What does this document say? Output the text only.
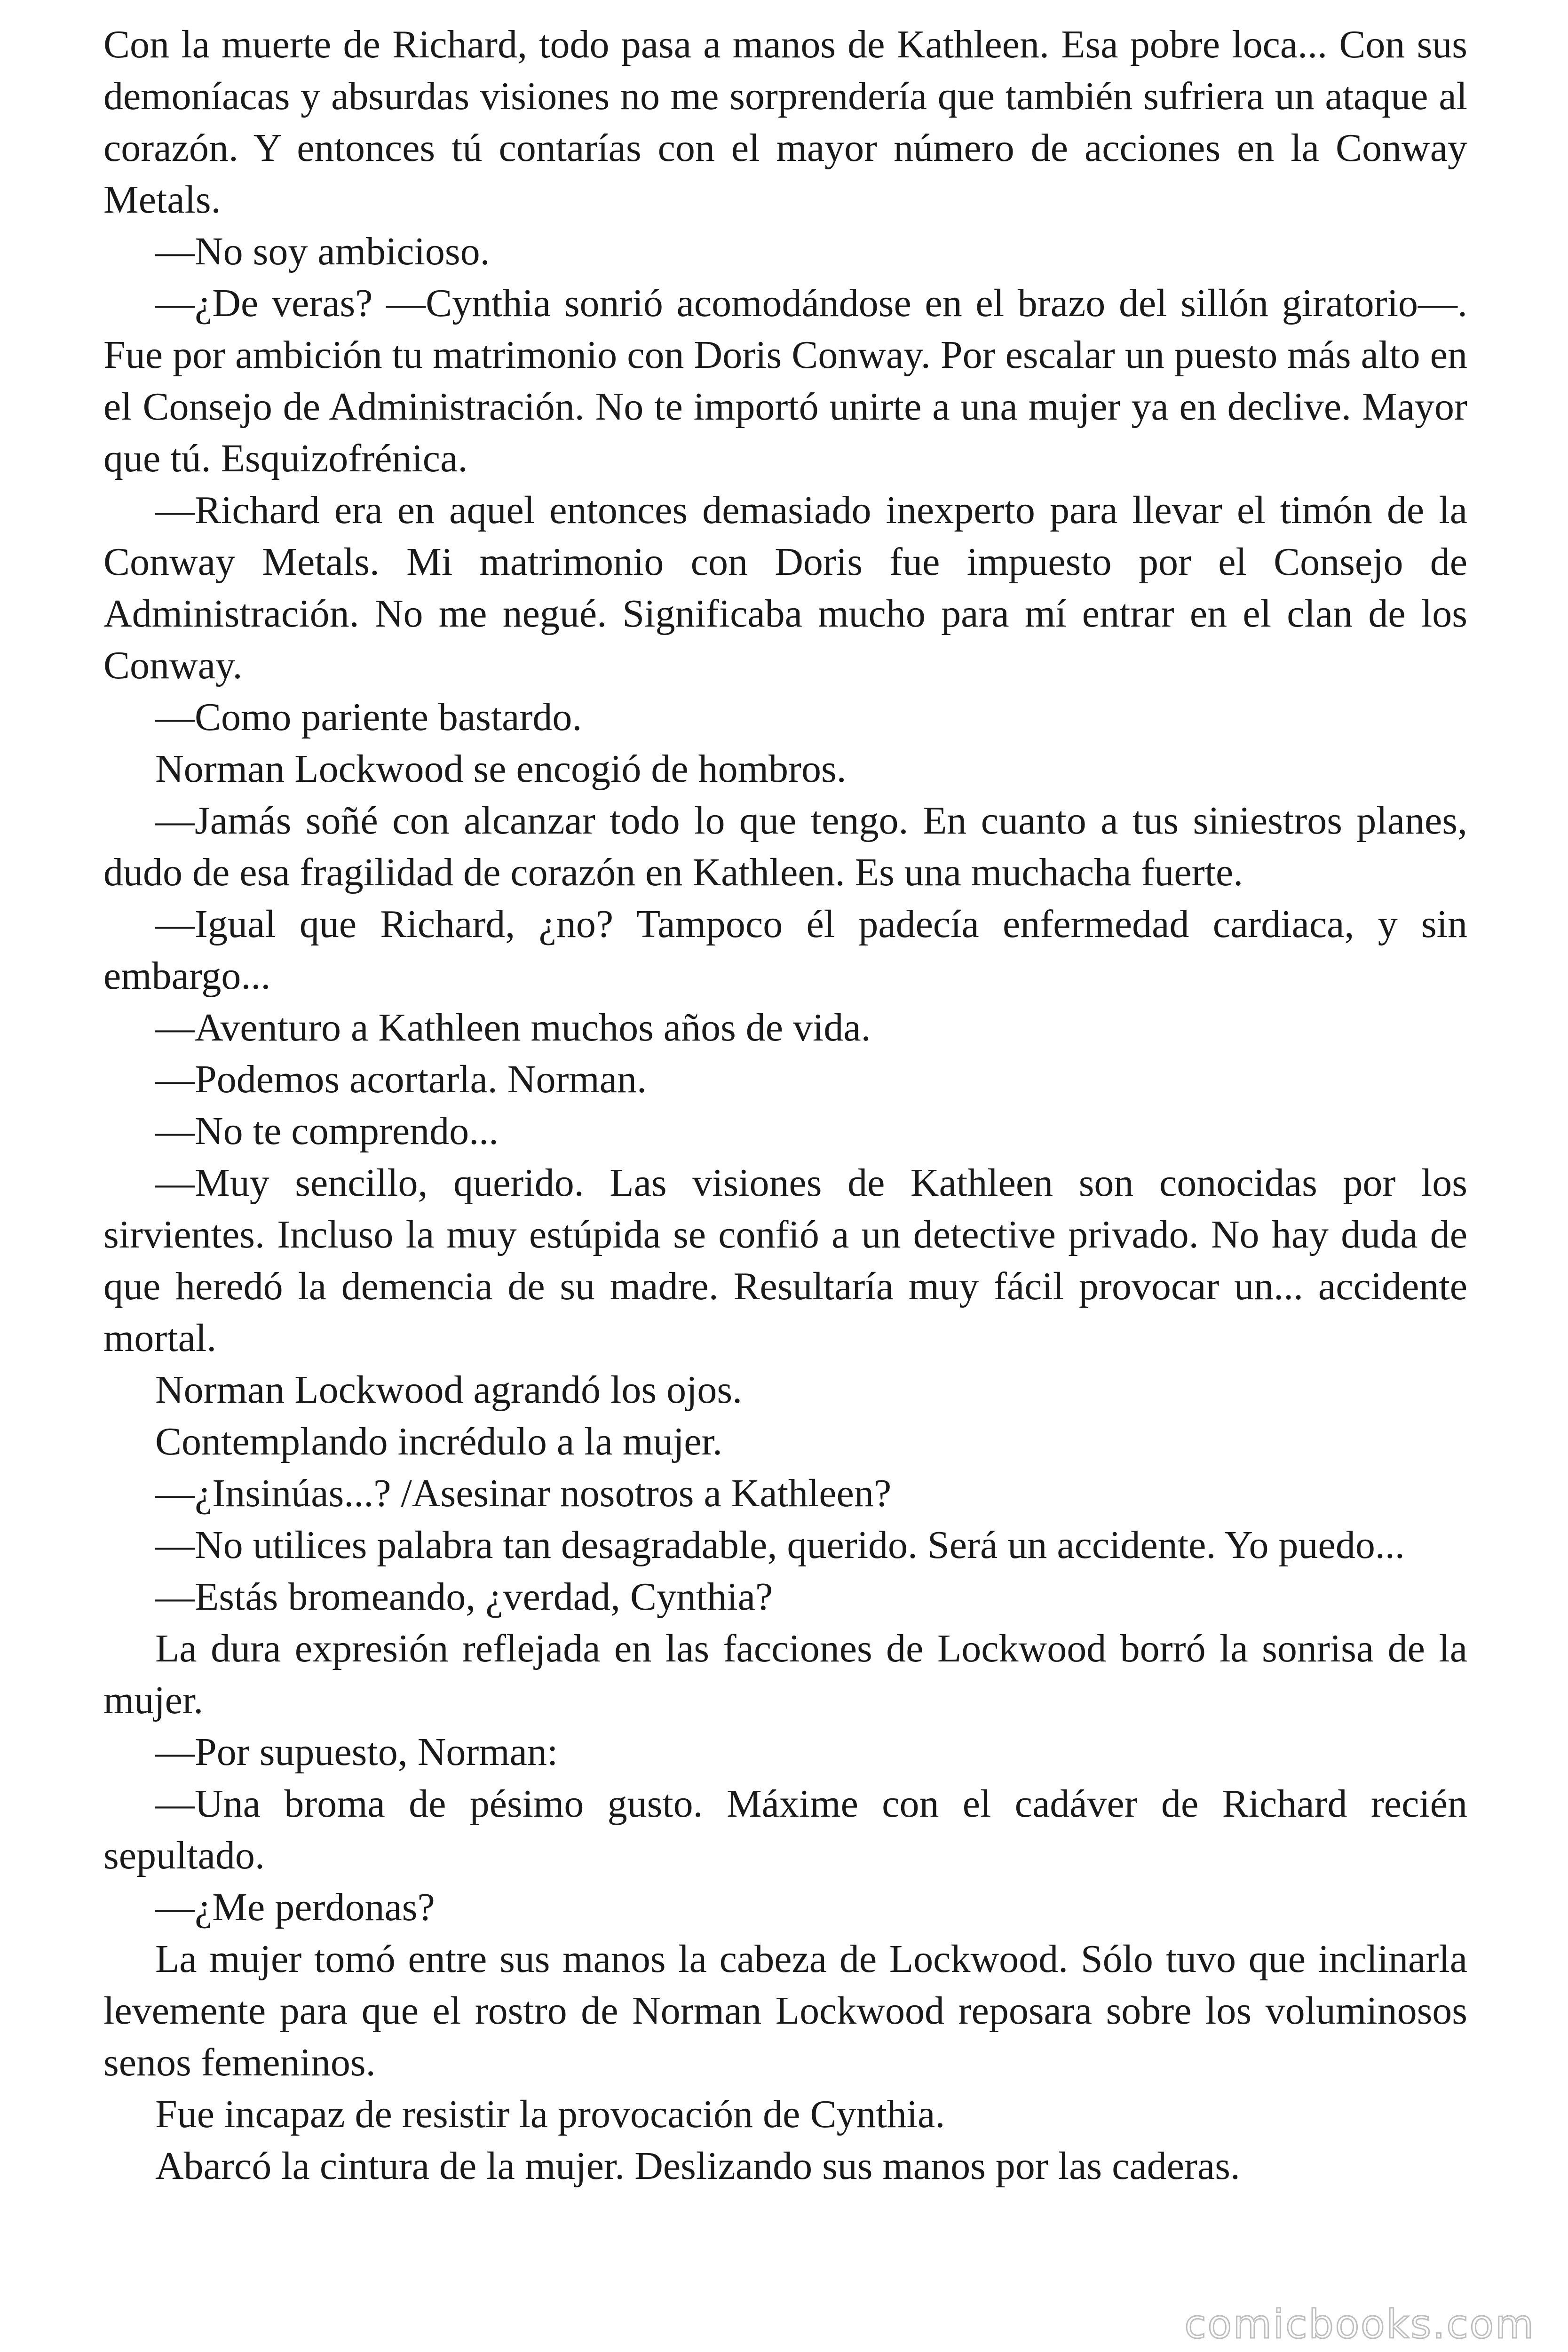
Con la muerte de Richard, todo pasa a manos de Kathleen. Esa pobre loca... Con sus demoníacas y absurdas visiones no me sorprendería que también sufriera un ataque al corazón. Y entonces tú contarías con el mayor número de acciones en la Conway Metals.

—No soy ambicioso.

—¿De veras? —Cynthia sonrió acomodándose en el brazo del sillón giratorio—. Fue por ambición tu matrimonio con Doris Conway. Por escalar un puesto más alto en el Consejo de Administración. No te importó unirte a una mujer ya en declive. Mayor que tú. Esquizofrénica.

—Richard era en aquel entonces demasiado inexperto para llevar el timón de la Conway Metals. Mi matrimonio con Doris fue impuesto por el Consejo de Administración. No me negué. Significaba mucho para mí entrar en el clan de los Conway.

—Como pariente bastardo.

Norman Lockwood se encogió de hombros.

—Jamás soñé con alcanzar todo lo que tengo. En cuanto a tus siniestros planes, dudo de esa fragilidad de corazón en Kathleen. Es una muchacha fuerte.

—Igual que Richard, ¿no? Tampoco él padecía enfermedad cardiaca, y sin embargo...

—Aventuro a Kathleen muchos años de vida.

—Podemos acortarla. Norman.

—No te comprendo...

—Muy sencillo, querido. Las visiones de Kathleen son conocidas por los sirvientes. Incluso la muy estúpida se confió a un detective privado. No hay duda de que heredó la demencia de su madre. Resultaría muy fácil provocar un... accidente mortal.

Norman Lockwood agrandó los ojos.

Contemplando incrédulo a la mujer.

—¿Insinúas...? /Asesinar nosotros a Kathleen?

—No utilices palabra tan desagradable, querido. Será un accidente. Yo puedo...

—Estás bromeando, ¿verdad, Cynthia?

La dura expresión reflejada en las facciones de Lockwood borró la sonrisa de la mujer.

—Por supuesto, Norman:

—Una broma de pésimo gusto. Máxime con el cadáver de Richard recién sepultado.

—¿Me perdonas?

La mujer tomó entre sus manos la cabeza de Lockwood. Sólo tuvo que inclinarla levemente para que el rostro de Norman Lockwood reposara sobre los voluminosos senos femeninos.

Fue incapaz de resistir la provocación de Cynthia.

Abarcó la cintura de la mujer. Deslizando sus manos por las caderas.

comicbooks.com
